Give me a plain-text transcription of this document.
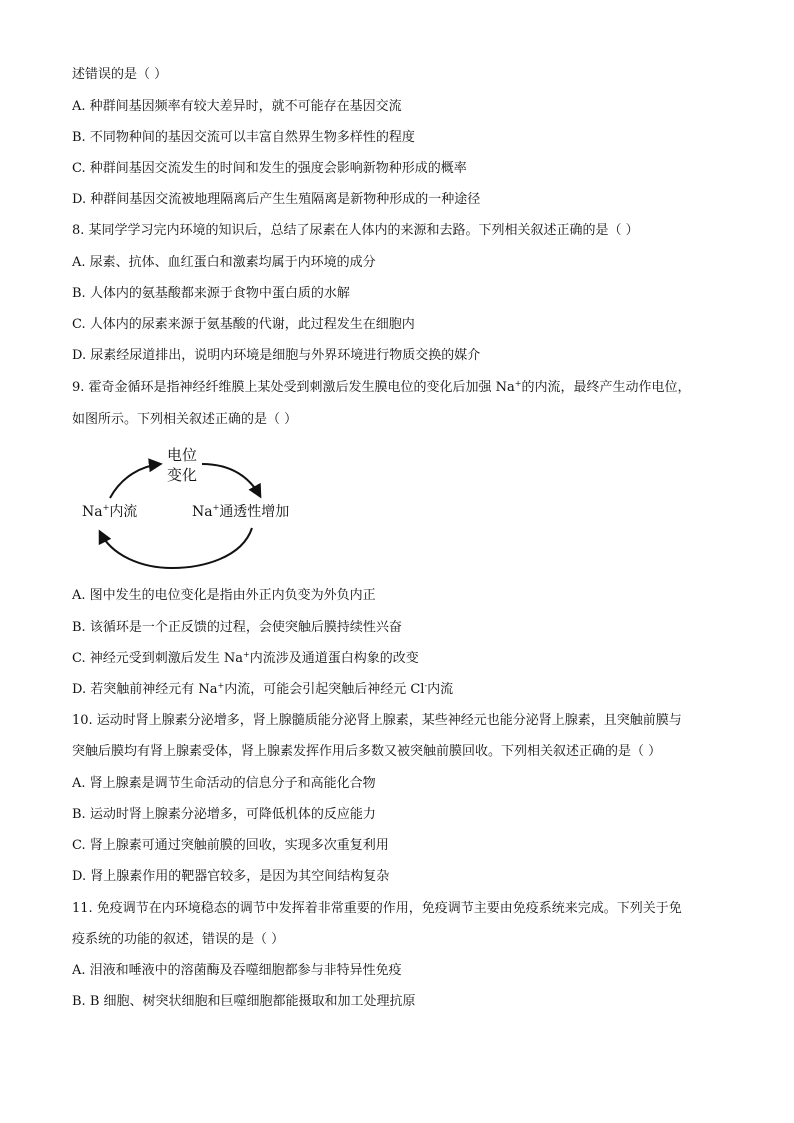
述错误的是（ ）
A. 种群间基因频率有较大差异时，就不可能存在基因交流
B. 不同物种间的基因交流可以丰富自然界生物多样性的程度
C. 种群间基因交流发生的时间和发生的强度会影响新物种形成的概率
D. 种群间基因交流被地理隔离后产生生殖隔离是新物种形成的一种途径
8. 某同学学习完内环境的知识后，总结了尿素在人体内的来源和去路。下列相关叙述正确的是（ ）
A. 尿素、抗体、血红蛋白和激素均属于内环境的成分
B. 人体内的氨基酸都来源于食物中蛋白质的水解
C. 人体内的尿素来源于氨基酸的代谢，此过程发生在细胞内
D. 尿素经尿道排出，说明内环境是细胞与外界环境进行物质交换的媒介
9. 霍奇金循环是指神经纤维膜上某处受到刺激后发生膜电位的变化后加强 Na+的内流，最终产生动作电位，
如图所示。下列相关叙述正确的是（ ）
电位
变化
Na+内流	Na+通透性增加
A. 图中发生的电位变化是指由外正内负变为外负内正
B. 该循环是一个正反馈的过程，会使突触后膜持续性兴奋
C. 神经元受到刺激后发生 Na+内流涉及通道蛋白构象的改变
D. 若突触前神经元有 Na+内流，可能会引起突触后神经元 Cl-内流
10. 运动时肾上腺素分泌增多，肾上腺髓质能分泌肾上腺素，某些神经元也能分泌肾上腺素，且突触前膜与
突触后膜均有肾上腺素受体，肾上腺素发挥作用后多数又被突触前膜回收。下列相关叙述正确的是（ ）
A. 肾上腺素是调节生命活动的信息分子和高能化合物
B. 运动时肾上腺素分泌增多，可降低机体的反应能力
C. 肾上腺素可通过突触前膜的回收，实现多次重复利用
D. 肾上腺素作用的靶器官较多，是因为其空间结构复杂
11. 免疫调节在内环境稳态的调节中发挥着非常重要的作用，免疫调节主要由免疫系统来完成。下列关于免
疫系统的功能的叙述，错误的是（ ）
A. 泪液和唾液中的溶菌酶及吞噬细胞都参与非特异性免疫
B. B 细胞、树突状细胞和巨噬细胞都能摄取和加工处理抗原
